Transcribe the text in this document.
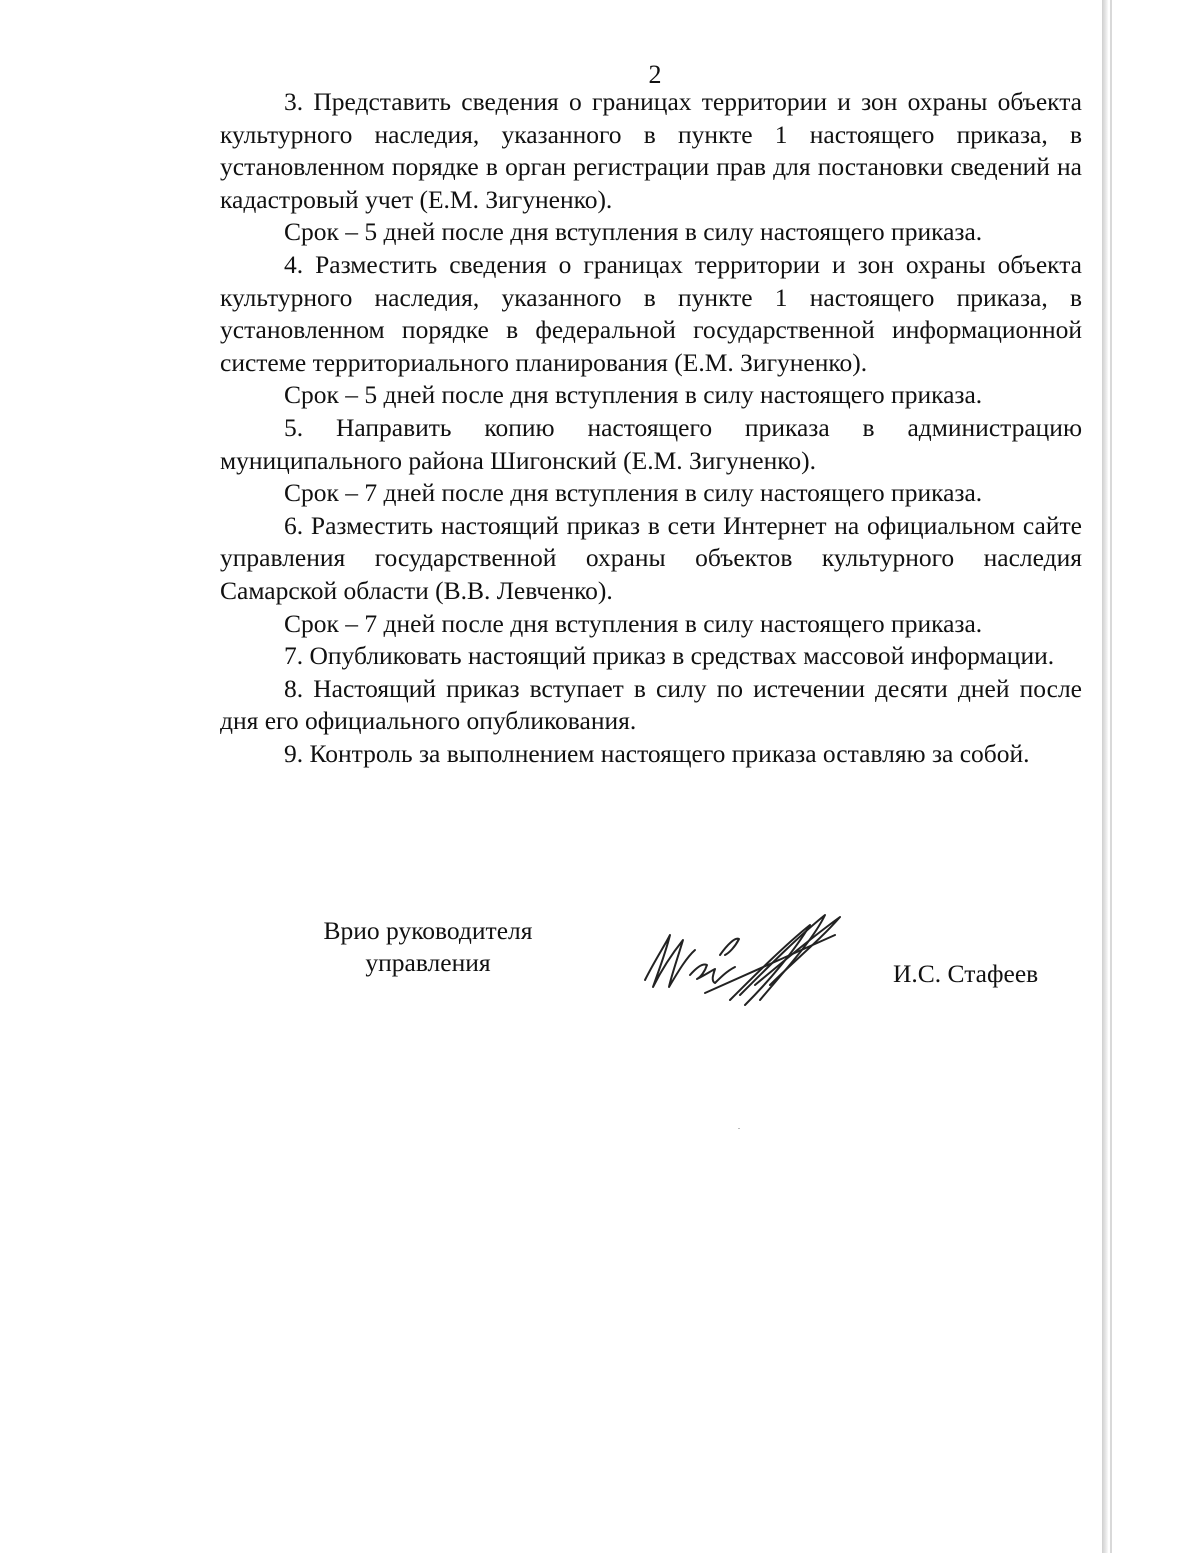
2

3. Представить сведения о границах территории и зон охраны объекта культурного наследия, указанного в пункте 1 настоящего приказа, в установленном порядке в орган регистрации прав для постановки сведений на кадастровый учет (Е.М. Зигуненко).

Срок – 5 дней после дня вступления в силу настоящего приказа.

4. Разместить сведения о границах территории и зон охраны объекта культурного наследия, указанного в пункте 1 настоящего приказа, в установленном порядке в федеральной государственной информационной системе территориального планирования (Е.М. Зигуненко).

Срок – 5 дней после дня вступления в силу настоящего приказа.

5. Направить копию настоящего приказа в администрацию муниципального района Шигонский (Е.М. Зигуненко).

Срок – 7 дней после дня вступления в силу настоящего приказа.

6. Разместить настоящий приказ в сети Интернет на официальном сайте управления государственной охраны объектов культурного наследия Самарской области (В.В. Левченко).

Срок – 7 дней после дня вступления в силу настоящего приказа.

7. Опубликовать настоящий приказ в средствах массовой информации.

8. Настоящий приказ вступает в силу по истечении десяти дней после дня его официального опубликования.

9. Контроль за выполнением настоящего приказа оставляю за собой.

Врио руководителя
управления	И.С. Стафеев
